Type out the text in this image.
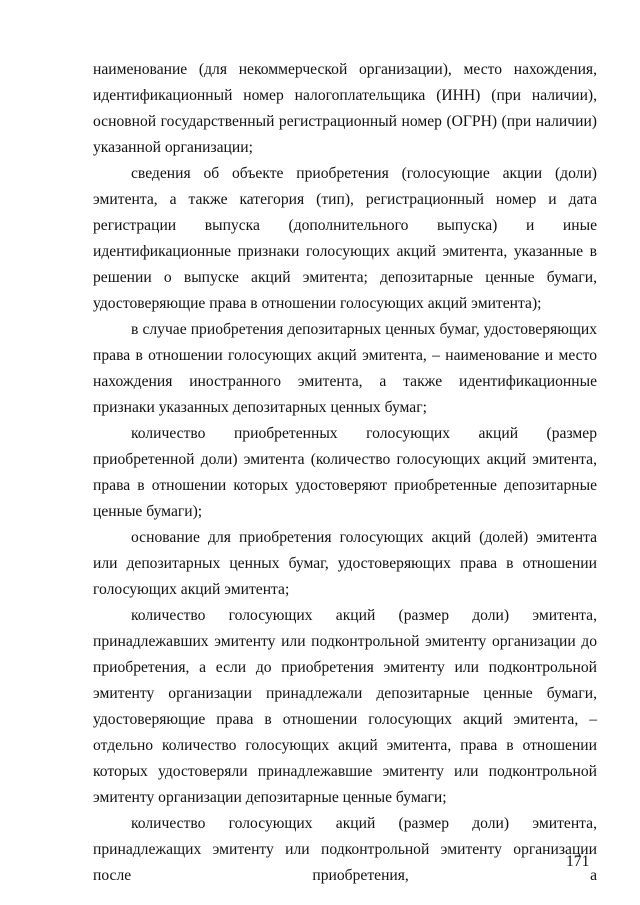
наименование (для некоммерческой организации), место нахождения, идентификационный номер налогоплательщика (ИНН) (при наличии), основной государственный регистрационный номер (ОГРН) (при наличии) указанной организации;

сведения об объекте приобретения (голосующие акции (доли) эмитента, а также категория (тип), регистрационный номер и дата регистрации выпуска (дополнительного выпуска) и иные идентификационные признаки голосующих акций эмитента, указанные в решении о выпуске акций эмитента; депозитарные ценные бумаги, удостоверяющие права в отношении голосующих акций эмитента);

в случае приобретения депозитарных ценных бумаг, удостоверяющих права в отношении голосующих акций эмитента, – наименование и место нахождения иностранного эмитента, а также идентификационные признаки указанных депозитарных ценных бумаг;

количество приобретенных голосующих акций (размер приобретенной доли) эмитента (количество голосующих акций эмитента, права в отношении которых удостоверяют приобретенные депозитарные ценные бумаги);

основание для приобретения голосующих акций (долей) эмитента или депозитарных ценных бумаг, удостоверяющих права в отношении голосующих акций эмитента;

количество голосующих акций (размер доли) эмитента, принадлежавших эмитенту или подконтрольной эмитенту организации до приобретения, а если до приобретения эмитенту или подконтрольной эмитенту организации принадлежали депозитарные ценные бумаги, удостоверяющие права в отношении голосующих акций эмитента, – отдельно количество голосующих акций эмитента, права в отношении которых удостоверяли принадлежавшие эмитенту или подконтрольной эмитенту организации депозитарные ценные бумаги;

количество голосующих акций (размер доли) эмитента, принадлежащих эмитенту или подконтрольной эмитенту организации после приобретения, а

171
